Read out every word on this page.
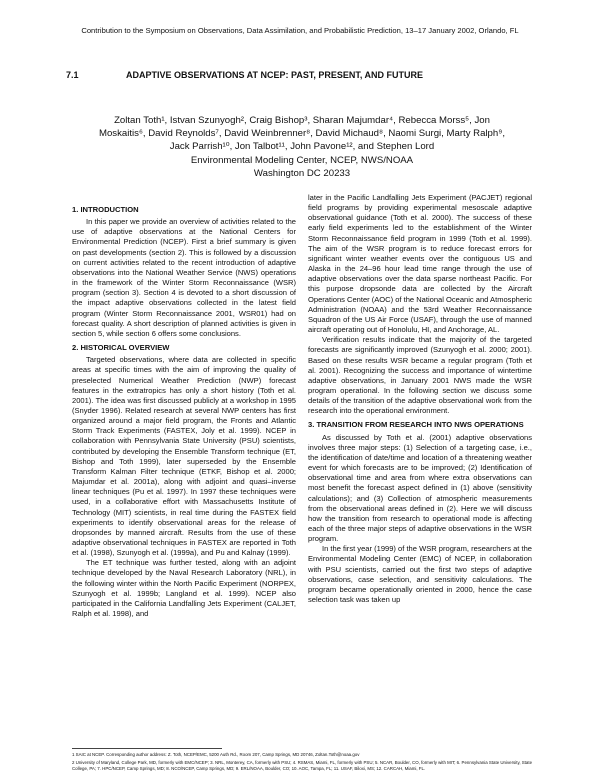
Contribution to the Symposium on Observations, Data Assimilation, and Probabilistic Prediction, 13–17 January 2002, Orlando, FL
7.1	ADAPTIVE OBSERVATIONS AT NCEP: PAST, PRESENT, AND FUTURE
Zoltan Toth¹, Istvan Szunyogh², Craig Bishop³, Sharan Majumdar⁴, Rebecca Morss⁵, Jon Moskaitis⁶, David Reynolds⁷, David Weinbrenner⁸, David Michaud⁸, Naomi Surgi, Marty Ralph⁹, Jack Parrish¹⁰, Jon Talbot¹¹, John Pavone¹², and Stephen Lord
Environmental Modeling Center, NCEP, NWS/NOAA
Washington DC 20233
1. INTRODUCTION

In this paper we provide an overview of activities related to the use of adaptive observations at the National Centers for Environmental Prediction (NCEP). First a brief summary is given on past developments (section 2). This is followed by a discussion on current activities related to the recent introduction of adaptive observations into the National Weather Service (NWS) operations in the framework of the Winter Storm Reconnaissance (WSR) program (section 3). Section 4 is devoted to a short discussion of the impact adaptive observations collected in the latest field program (Winter Storm Reconnaissance 2001, WSR01) had on forecast quality. A short description of planned activities is given in section 5, while section 6 offers some conclusions.

2. HISTORICAL OVERVIEW

Targeted observations, where data are collected in specific areas at specific times with the aim of improving the quality of preselected Numerical Weather Prediction (NWP) forecast features in the extratropics has only a short history (Toth et al. 2001). The idea was first discussed publicly at a workshop in 1995 (Snyder 1996). Related research at several NWP centers has first organized around a major field program, the Fronts and Atlantic Storm Track Experiments (FASTEX, Joly et al. 1999). NCEP in collaboration with Pennsylvania State University (PSU) scientists, contributed by developing the Ensemble Transform technique (ET, Bishop and Toth 1999), later superseded by the Ensemble Transform Kalman Filter technique (ETKF, Bishop et al. 2000; Majumdar et al. 2001a), along with adjoint and quasi–inverse linear techniques (Pu et al. 1997). In 1997 these techniques were used, in a collaborative effort with Massachusetts Institute of Technology (MIT) scientists, in real time during the FASTEX field experiments to identify observational areas for the release of dropsondes by manned aircraft. Results from the use of these adaptive observational techniques in FASTEX are reported in Toth et al. (1998), Szunyogh et al. (1999a), and Pu and Kalnay (1999).

The ET technique was further tested, along with an adjoint technique developed by the Naval Research Laboratory (NRL), in the following winter within the North Pacific Experiment (NORPEX, Szunyogh et al. 1999b; Langland et al. 1999). NCEP also participated in the California Landfalling Jets Experiment (CALJET, Ralph et al. 1998), and

later in the Pacific Landfalling Jets Experiment (PACJET) regional field programs by providing experimental mesoscale adaptive observational guidance (Toth et al. 2000). The success of these early field experiments led to the establishment of the Winter Storm Reconnaissance field program in 1999 (Toth et al. 1999). The aim of the WSR program is to reduce forecast errors for significant winter weather events over the contiguous US and Alaska in the 24–96 hour lead time range through the use of adaptive observations over the data sparse northeast Pacific. For this purpose dropsonde data are collected by the Aircraft Operations Center (AOC) of the National Oceanic and Atmospheric Administration (NOAA) and the 53rd Weather Reconnaissance Squadron of the US Air Force (USAF), through the use of manned aircraft operating out of Honolulu, HI, and Anchorage, AL.

Verification results indicate that the majority of the targeted forecasts are significantly improved (Szunyogh et al. 2000; 2001). Based on these results WSR became a regular program (Toth et al. 2001). Recognizing the success and importance of wintertime adaptive observations, in January 2001 NWS made the WSR program operational. In the following section we discuss some details of the transition of the adaptive observational work from the research into the operational environment.

3. TRANSITION FROM RESEARCH INTO NWS OPERATIONS

As discussed by Toth et al. (2001) adaptive observations involves three major steps: (1) Selection of a targeting case, i.e., the identification of date/time and location of a threatening weather event for which forecasts are to be improved; (2) Identification of observational time and area from where extra observations can most benefit the forecast aspect defined in (1) above (sensitivity calculations); and (3) Collection of atmospheric measurements from the observational areas defined in (2). Here we will discuss how the transition from research to operational mode is affecting each of the three major steps of adaptive observations in the WSR program.

In the first year (1999) of the WSR program, researchers at the Environmental Modeling Center (EMC) of NCEP, in collaboration with PSU scientists, carried out the first two steps of adaptive observations, case selection, and sensitivity calculations. The program became operationally oriented in 2000, hence the case selection task was taken up

1 SAIC at NCEP. Corresponding author address: Z. Toth, NCEP/EMC, 5200 Auth Rd., Room 207, Camp Springs, MD 20746, Zoltan.Toth@noaa.gov
2 University of Maryland, College Park, MD, formerly with EMC/NCEP; 3. NRL, Monterey, CA, formerly with PSU; 4. RSMAS, Miami, FL, formerly with PSU; 5. NCAR, Boulder, CO, formerly with MIT; 6. Pennsylvania State University, State College, PA; 7. HPC/NCEP, Camp Springs, MD; 8. NCO/NCEP, Camp Springs, MD; 9. ERL/NOAA, Boulder, CO; 10. AOC, Tampa, FL; 11. USAF, Biloxi, MS; 12. CARCAH, Miami, FL.
